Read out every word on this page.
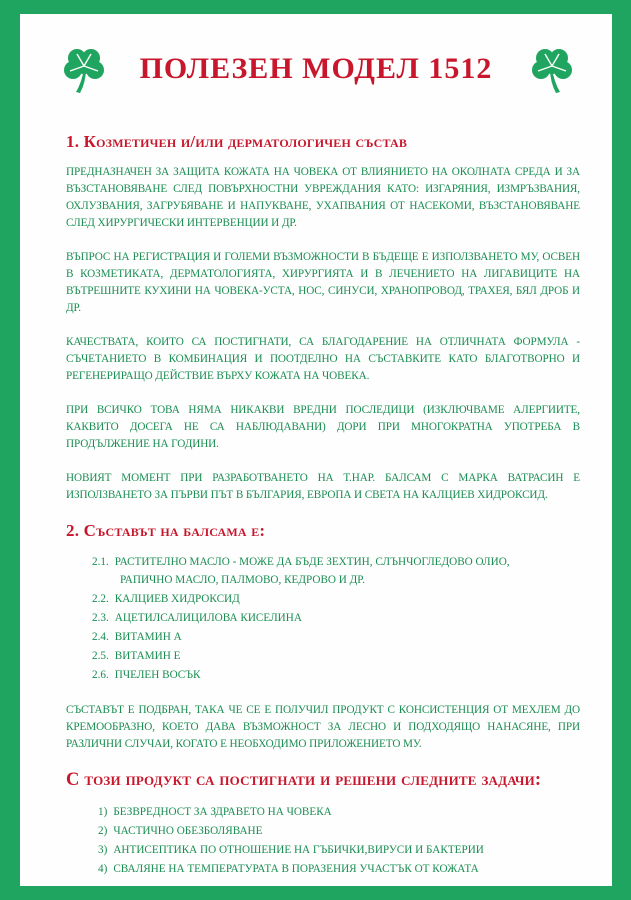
ПОЛЕЗЕН МОДЕЛ 1512
1. Козметичен и/или дерматологичен състав

ПРЕДНАЗНАЧЕН ЗА ЗАЩИТА КОЖАТА НА ЧОВЕКА ОТ ВЛИЯНИЕТО НА ОКОЛНАТА СРЕДА И ЗА ВЪЗСТАНОВЯВАНЕ СЛЕД ПОВЪРХНОСТНИ УВРЕЖДАНИЯ КАТО: ИЗГАРЯНИЯ, ИЗМРЪЗВАНИЯ, ОХЛУЗВАНИЯ, ЗАГРУБЯВАНЕ И НАПУКВАНЕ, УХАПВАНИЯ ОТ НАСЕКОМИ, ВЪЗСТАНОВЯВАНЕ СЛЕД ХИРУРГИЧЕСКИ ИНТЕРВЕНЦИИ И ДР.

ВЪПРОС НА РЕГИСТРАЦИЯ И ГОЛЕМИ ВЪЗМОЖНОСТИ В БЪДЕЩЕ Е ИЗПОЛЗВАНЕТО МУ, ОСВЕН В КОЗМЕТИКАТА, ДЕРМАТОЛОГИЯТА, ХИРУРГИЯТА И В ЛЕЧЕНИЕТО НА ЛИГАВИЦИТЕ НА ВЪТРЕШНИТЕ КУХИНИ НА ЧОВЕКА-УСТА, НОС, СИНУСИ, ХРАНОПРОВОД, ТРАХЕЯ, БЯЛ ДРОБ И ДР.

КАЧЕСТВАТА, КОИТО СА ПОСТИГНАТИ, СА БЛАГОДАРЕНИЕ НА ОТЛИЧНАТА ФОРМУЛА - СЪЧЕТАНИЕТО В КОМБИНАЦИЯ И ПООТДЕЛНО НА СЪСТАВКИТЕ КАТО БЛАГОТВОРНО И РЕГЕНЕРИРАЩО ДЕЙСТВИЕ ВЪРХУ КОЖАТА НА ЧОВЕКА.

ПРИ ВСИЧКО ТОВА НЯМА НИКАКВИ ВРЕДНИ ПОСЛЕДИЦИ (ИЗКЛЮЧВАМЕ АЛЕРГИИТЕ, КАКВИТО ДОСЕГА НЕ СА НАБЛЮДАВАНИ) ДОРИ ПРИ МНОГОКРАТНА УПОТРЕБА В ПРОДЪЛЖЕНИЕ НА ГОДИНИ.

НОВИЯТ МОМЕНТ ПРИ РАЗРАБОТВАНЕТО НА Т.НАР. БАЛСАМ С МАРКА ВАТРАСИН Е ИЗПОЛЗВАНЕТО ЗА ПЪРВИ ПЪТ В БЪЛГАРИЯ, ЕВРОПА И СВЕТА НА КАЛЦИЕВ ХИДРОКСИД.

2. Съставът на балсама е:
2.1. РАСТИТЕЛНО МАСЛО - МОЖЕ ДА БЪДЕ ЗЕХТИН, СЛЪНЧОГЛЕДОВО ОЛИО,
РАПИЧНО МАСЛО, ПАЛМОВО, КЕДРОВО И ДР.
2.2. КАЛЦИЕВ ХИДРОКСИД
2.3. АЦЕТИЛСАЛИЦИЛОВА КИСЕЛИНА
2.4. ВИТАМИН А
2.5. ВИТАМИН Е
2.6. ПЧЕЛЕН ВОСЪК

СЪСТАВЪТ Е ПОДБРАН, ТАКА ЧЕ СЕ Е ПОЛУЧИЛ ПРОДУКТ С КОНСИСТЕНЦИЯ ОТ МЕХЛЕМ ДО КРЕМООБРАЗНО, КОЕТО ДАВА ВЪЗМОЖНОСТ ЗА ЛЕСНО И ПОДХОДЯЩО НАНАСЯНЕ, ПРИ РАЗЛИЧНИ СЛУЧАИ, КОГАТО Е НЕОБХОДИМО ПРИЛОЖЕНИЕТО МУ.

С този продукт са постигнати и решени следните задачи:
1) БЕЗВРЕДНОСТ ЗА ЗДРАВЕТО НА ЧОВЕКА
2) ЧАСТИЧНО ОБЕЗБОЛЯВАНЕ
3) АНТИСЕПТИКА ПО ОТНОШЕНИЕ НА ГЪБИЧКИ,ВИРУСИ И БАКТЕРИИ
4) СВАЛЯНЕ НА ТЕМПЕРАТУРАТА В ПОРАЗЕНИЯ УЧАСТЪК ОТ КОЖАТА
